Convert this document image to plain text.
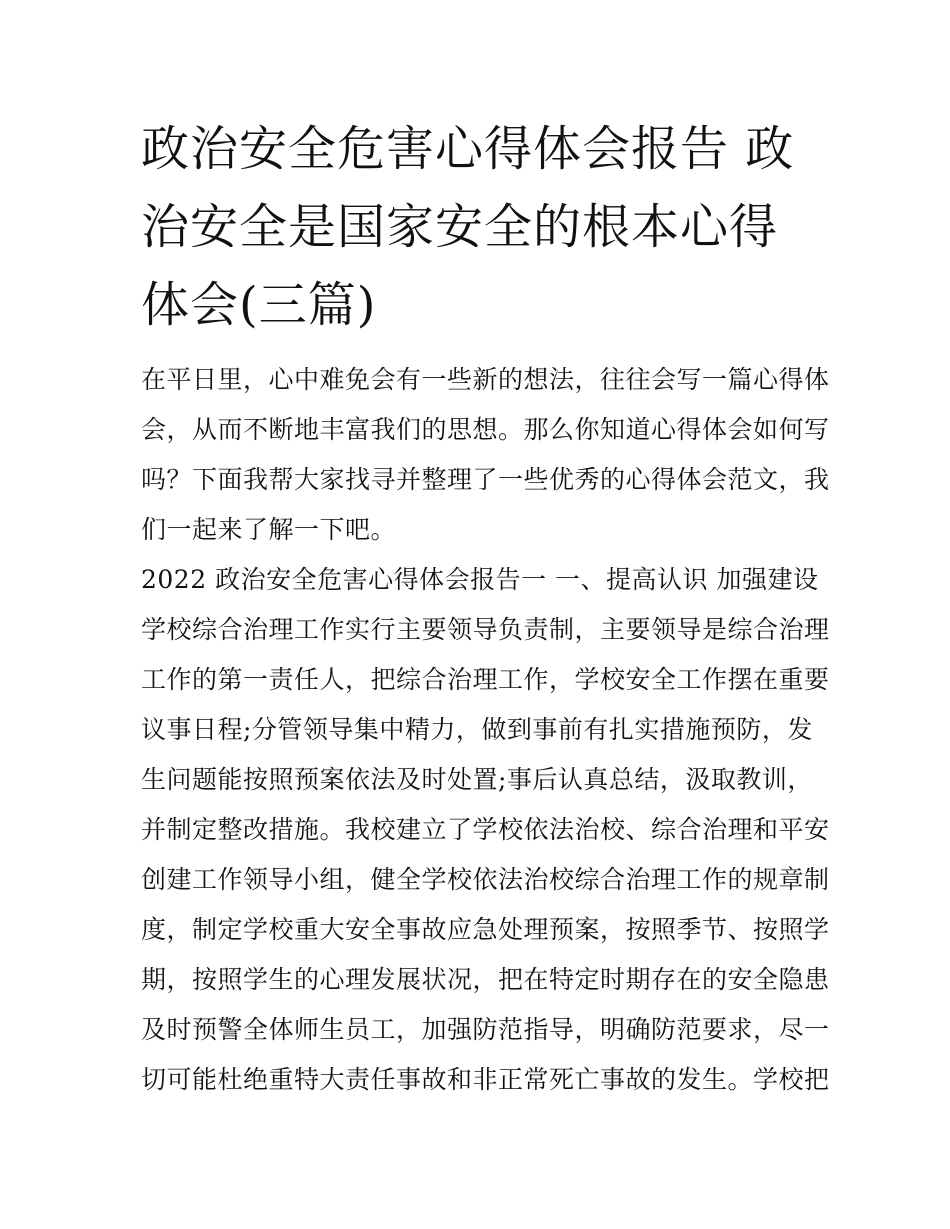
政治安全危害心得体会报告 政
治安全是国家安全的根本心得
体会(三篇)
在平日里，心中难免会有一些新的想法，往往会写一篇心得体
会，从而不断地丰富我们的思想。那么你知道心得体会如何写
吗？下面我帮大家找寻并整理了一些优秀的心得体会范文，我
们一起来了解一下吧。
2022 政治安全危害心得体会报告一 一、提高认识 加强建设
学校综合治理工作实行主要领导负责制，主要领导是综合治理
工作的第一责任人，把综合治理工作，学校安全工作摆在重要
议事日程;分管领导集中精力，做到事前有扎实措施预防，发
生问题能按照预案依法及时处置;事后认真总结，汲取教训，
并制定整改措施。我校建立了学校依法治校、综合治理和平安
创建工作领导小组，健全学校依法治校综合治理工作的规章制
度，制定学校重大安全事故应急处理预案，按照季节、按照学
期，按照学生的心理发展状况，把在特定时期存在的安全隐患
及时预警全体师生员工，加强防范指导，明确防范要求，尽一
切可能杜绝重特大责任事故和非正常死亡事故的发生。学校把
